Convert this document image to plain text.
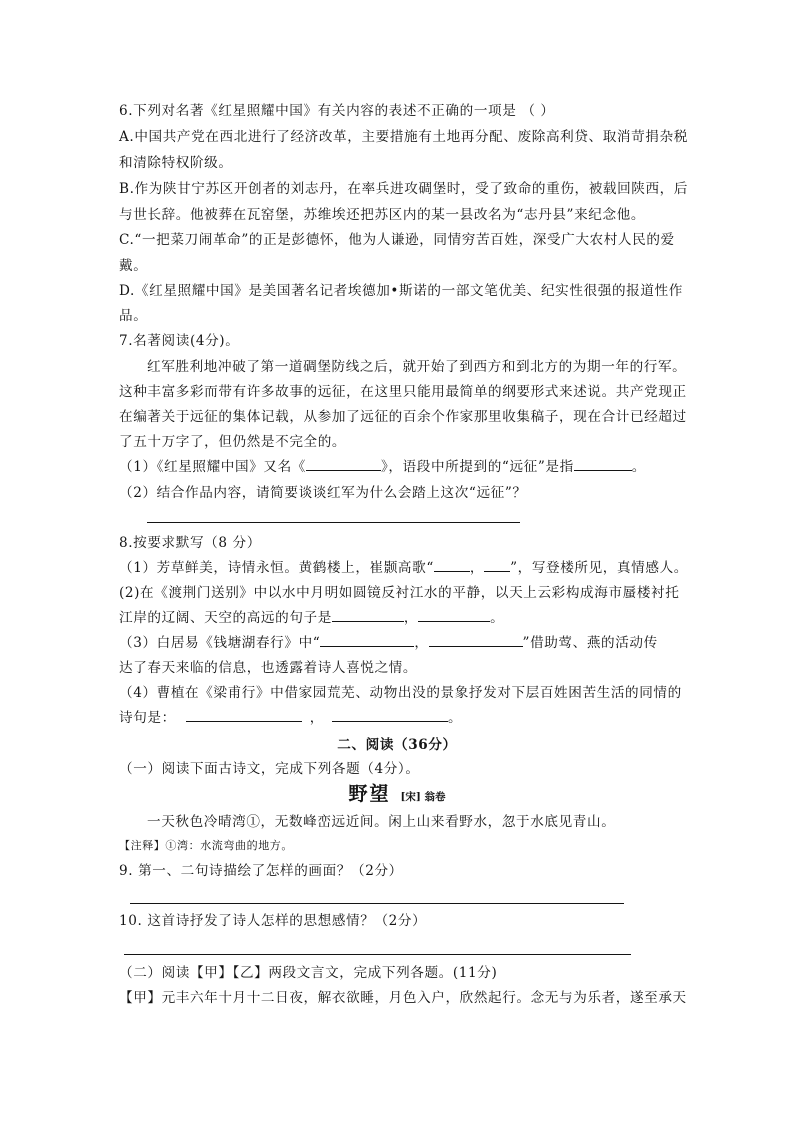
6.下列对名著《红星照耀中国》有关内容的表述不正确的一项是 （ ）
A.中国共产党在西北进行了经济改革，主要措施有土地再分配、废除高利贷、取消苛捐杂税
和清除特权阶级。
B.作为陕甘宁苏区开创者的刘志丹，在率兵进攻碉堡时，受了致命的重伤，被载回陕西，后
与世长辞。他被葬在瓦窑堡，苏维埃还把苏区内的某一县改名为“志丹县”来纪念他。
C.“一把菜刀闹革命”的正是彭德怀，他为人谦逊，同情穷苦百姓，深受广大农村人民的爱
戴。
D.《红星照耀中国》是美国著名记者埃德加•斯诺的一部文笔优美、纪实性很强的报道性作
品。
7.名著阅读(4分)。
红军胜利地冲破了第一道碉堡防线之后，就开始了到西方和到北方的为期一年的行军。
这种丰富多彩而带有许多故事的远征，在这里只能用最简单的纲要形式来述说。共产党现正
在编著关于远征的集体记载，从参加了远征的百余个作家那里收集稿子，现在合计已经超过
了五十万字了，但仍然是不完全的。
（1）《红星照耀中国》又名《	》，语段中所提到的“远征”是指	。
（2）结合作品内容，请简要谈谈红军为什么会踏上这次“远征”？
8.按要求默写（8 分）
（1）芳草鲜美，诗情永恒。黄鹤楼上，崔颢高歌“	， ”，写登楼所见，真情感人。
(2)在《渡荆门送别》中以水中月明如圆镜反衬江水的平静，以天上云彩构成海市蜃楼衬托
江岸的辽阔、天空的高远的句子是	，	。
（3）白居易《钱塘湖春行》中“	，	”借助莺、燕的活动传
达了春天来临的信息，也透露着诗人喜悦之情。
（4）曹植在《梁甫行》中借家园荒芜、动物出没的景象抒发对下层百姓困苦生活的同情的
诗句是：	，	。
二、阅读（36分）
（一）阅读下面古诗文，完成下列各题（4分）。
野望 [宋] 翁卷
一天秋色冷晴湾①，无数峰峦远近间。闲上山来看野水，忽于水底见青山。
【注释】①湾：水流弯曲的地方。
9. 第一、二句诗描绘了怎样的画面？（2分）
10. 这首诗抒发了诗人怎样的思想感情？（2分）
（二）阅读【甲】【乙】两段文言文，完成下列各题。(11分)
【甲】元丰六年十月十二日夜，解衣欲睡，月色入户，欣然起行。念无与为乐者，遂至承天
